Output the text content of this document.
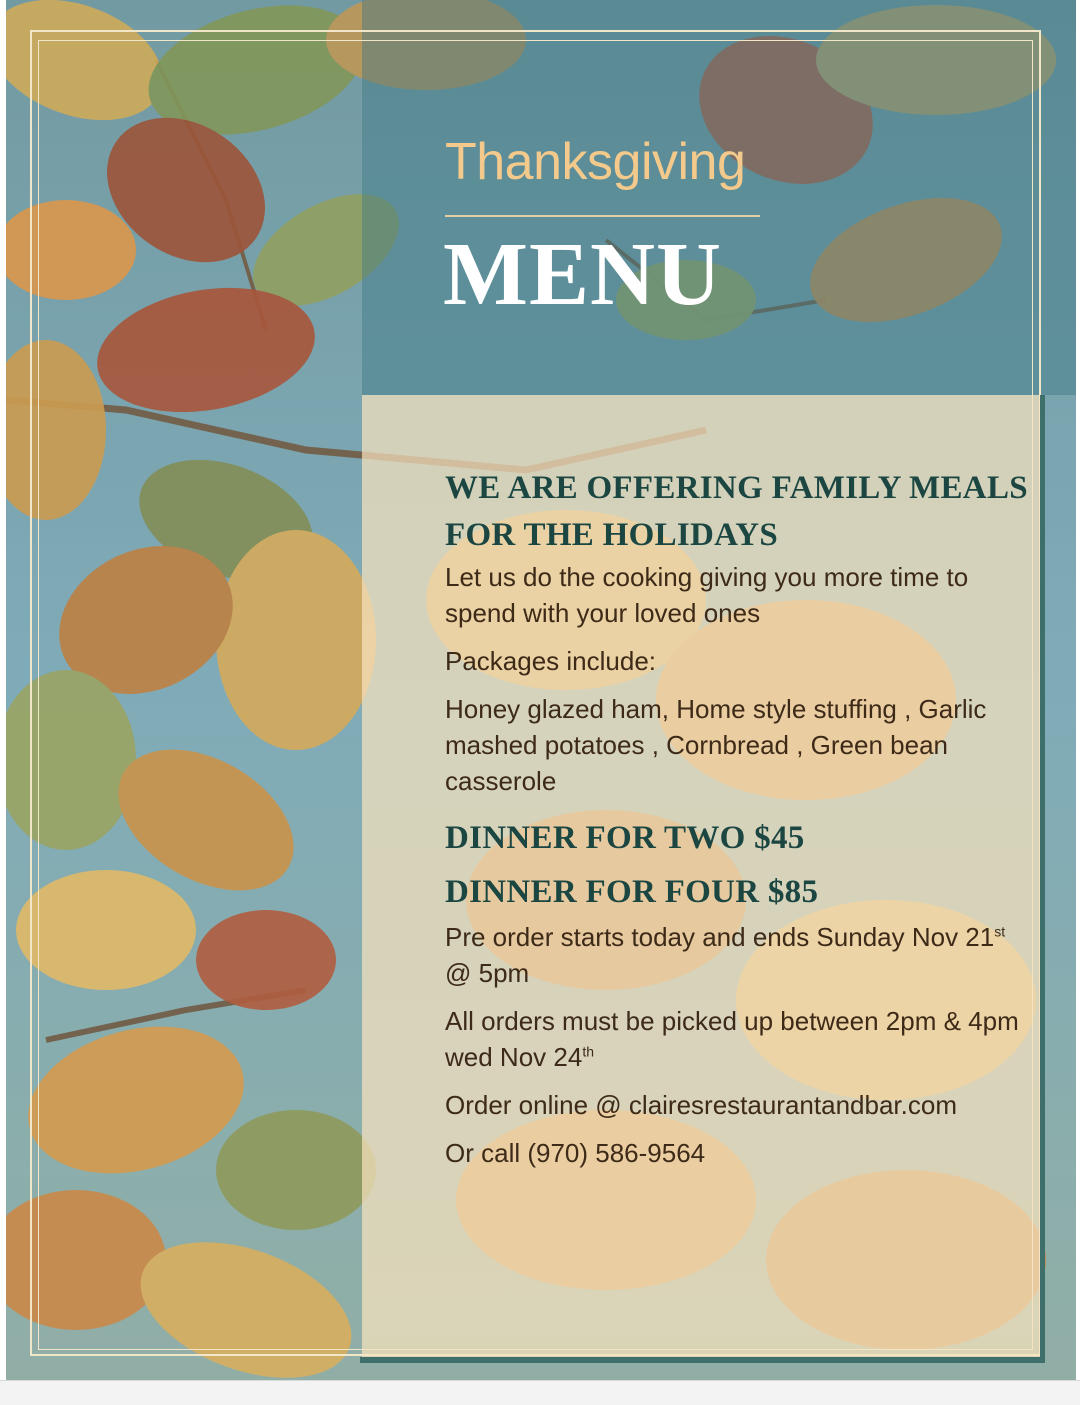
Thanksgiving
MENU

WE ARE OFFERING FAMILY MEALS FOR THE HOLIDAYS

Let us do the cooking giving you more time to spend with your loved ones

Packages include:

Honey glazed ham, Home style stuffing , Garlic mashed potatoes , Cornbread , Green bean casserole

DINNER FOR TWO $45

DINNER FOR FOUR $85

Pre order starts today and ends Sunday Nov 21st

@ 5pm

All orders must be picked up between 2pm & 4pm wed Nov 24th

Order online @ clairesrestaurantandbar.com

Or call (970) 586-9564
